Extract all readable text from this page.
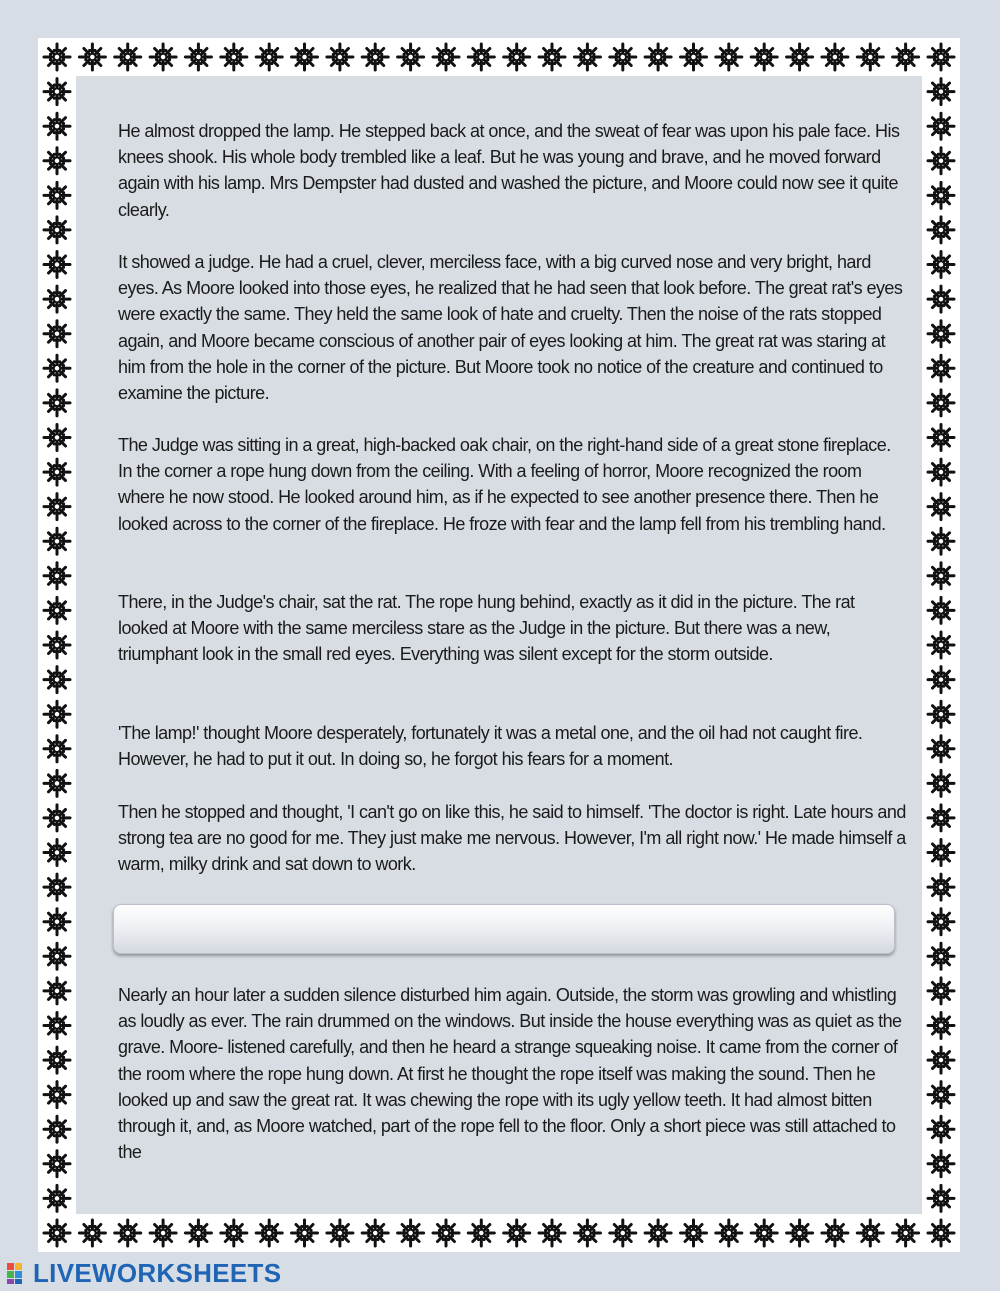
He almost dropped the lamp. He stepped back at once, and the sweat of fear was upon his pale face. His knees shook. His whole body trembled like a leaf. But he was young and brave, and he moved forward again with his lamp. Mrs Dempster had dusted and washed the picture, and Moore could now see it quite clearly.

It showed a judge. He had a cruel, clever, merciless face, with a big curved nose and very bright, hard eyes. As Moore looked into those eyes, he realized that he had seen that look before. The great rat's eyes were exactly the same. They held the same look of hate and cruelty. Then the noise of the rats stopped again, and Moore became conscious of another pair of eyes looking at him. The great rat was staring at him from the hole in the corner of the picture. But Moore took no notice of the creature and continued to examine the picture.

The Judge was sitting in a great, high-backed oak chair, on the right-hand side of a great stone fireplace. In the corner a rope hung down from the ceiling. With a feeling of horror, Moore recognized the room where he now stood. He looked around him, as if he expected to see another presence there. Then he looked across to the corner of the fireplace. He froze with fear and the lamp fell from his trembling hand.

There, in the Judge's chair, sat the rat. The rope hung behind, exactly as it did in the picture. The rat looked at Moore with the same merciless stare as the Judge in the picture. But there was a new, triumphant look in the small red eyes. Everything was silent except for the storm outside.

'The lamp!' thought Moore desperately, fortunately it was a metal one, and the oil had not caught fire. However, he had to put it out. In doing so, he forgot his fears for a moment.

Then he stopped and thought, 'I can't go on like this, he said to himself. 'The doctor is right. Late hours and strong tea are no good for me. They just make me nervous. However, I'm all right now.' He made himself a warm, milky drink and sat down to work.

Nearly an hour later a sudden silence disturbed him again. Outside, the storm was growling and whistling as loudly as ever. The rain drummed on the windows. But inside the house everything was as quiet as the grave. Moore- listened carefully, and then he heard a strange squeaking noise. It came from the corner of the room where the rope hung down. At first he thought the rope itself was making the sound. Then he looked up and saw the great rat. It was chewing the rope with its ugly yellow teeth. It had almost bitten through it, and, as Moore watched, part of the rope fell to the floor. Only a short piece was still attached to the

LIVEWORKSHEETS
